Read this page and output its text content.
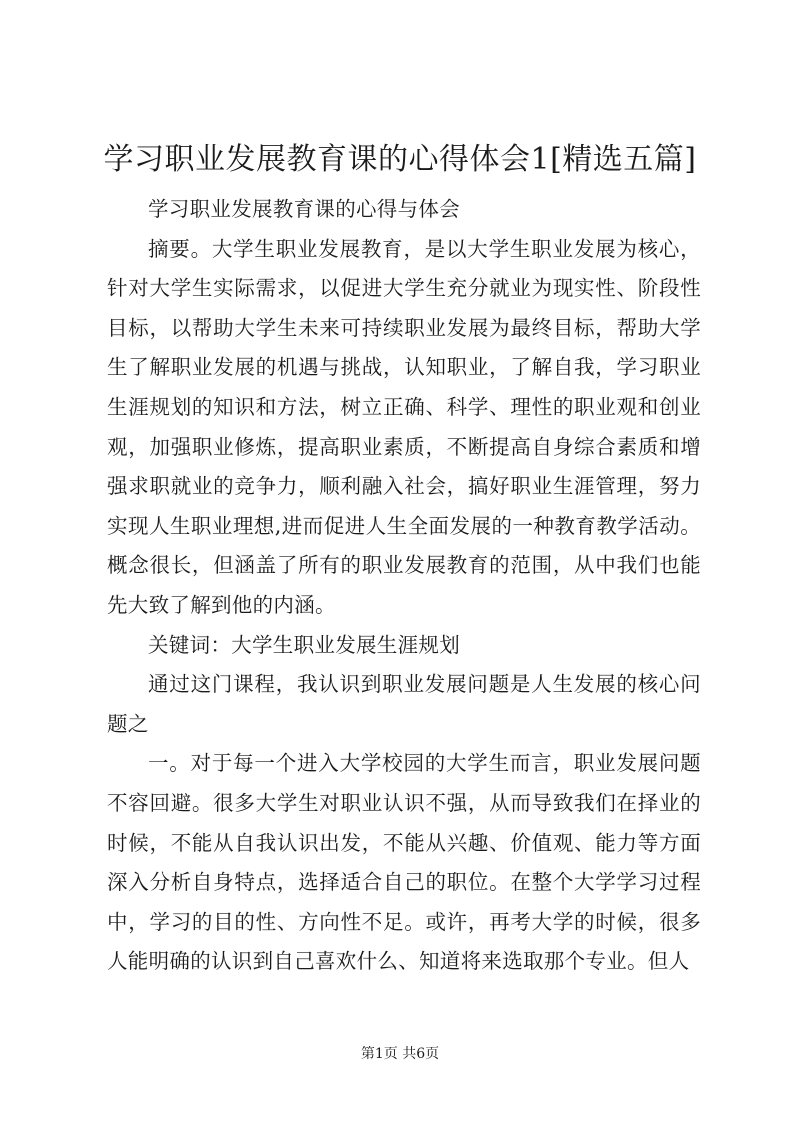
学习职业发展教育课的心得体会1[精选五篇]

学习职业发展教育课的心得与体会

摘要。大学生职业发展教育，是以大学生职业发展为核心，针对大学生实际需求，以促进大学生充分就业为现实性、阶段性目标，以帮助大学生未来可持续职业发展为最终目标，帮助大学生了解职业发展的机遇与挑战，认知职业，了解自我，学习职业生涯规划的知识和方法，树立正确、科学、理性的职业观和创业观，加强职业修炼，提高职业素质，不断提高自身综合素质和增强求职就业的竞争力，顺利融入社会，搞好职业生涯管理，努力实现人生职业理想,进而促进人生全面发展的一种教育教学活动。概念很长，但涵盖了所有的职业发展教育的范围，从中我们也能先大致了解到他的内涵。

关键词：大学生职业发展生涯规划

通过这门课程，我认识到职业发展问题是人生发展的核心问题之

一。对于每一个进入大学校园的大学生而言，职业发展问题不容回避。很多大学生对职业认识不强，从而导致我们在择业的时候，不能从自我认识出发，不能从兴趣、价值观、能力等方面深入分析自身特点，选择适合自己的职位。在整个大学学习过程中，学习的目的性、方向性不足。或许，再考大学的时候，很多人能明确的认识到自己喜欢什么、知道将来选取那个专业。但人

第1页 共6页
